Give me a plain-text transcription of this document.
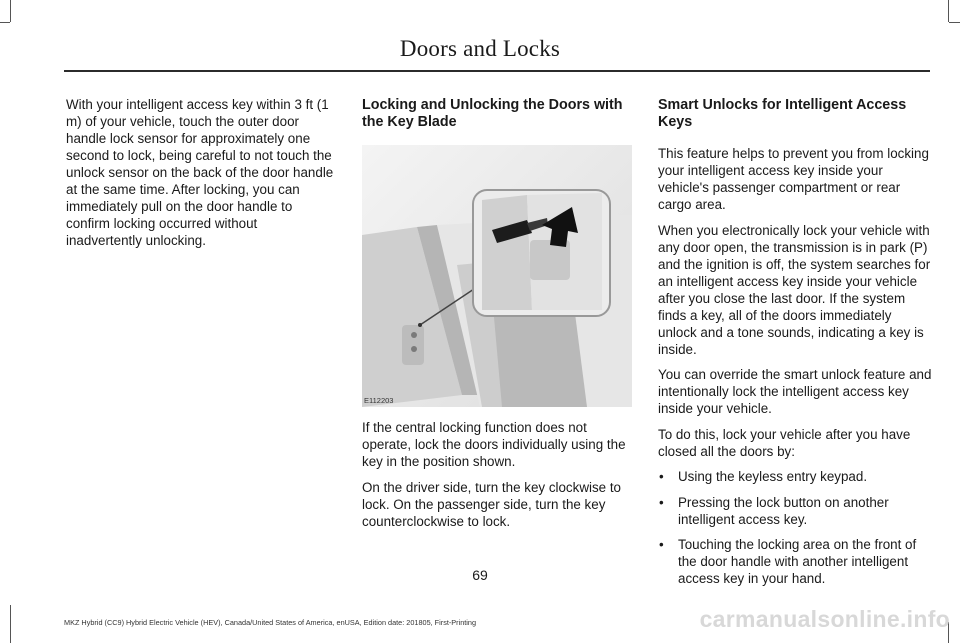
Doors and Locks

With your intelligent access key within 3 ft (1 m) of your vehicle, touch the outer door handle lock sensor for approximately one second to lock, being careful to not touch the unlock sensor on the back of the door handle at the same time. After locking, you can immediately pull on the door handle to confirm locking occurred without inadvertently unlocking.

Locking and Unlocking the Doors with the Key Blade
E112203

If the central locking function does not operate, lock the doors individually using the key in the position shown.

On the driver side, turn the key clockwise to lock. On the passenger side, turn the key counterclockwise to lock.

Smart Unlocks for Intelligent Access Keys

This feature helps to prevent you from locking your intelligent access key inside your vehicle's passenger compartment or rear cargo area.

When you electronically lock your vehicle with any door open, the transmission is in park (P) and the ignition is off, the system searches for an intelligent access key inside your vehicle after you close the last door. If the system finds a key, all of the doors immediately unlock and a tone sounds, indicating a key is inside.

You can override the smart unlock feature and intentionally lock the intelligent access key inside your vehicle.

To do this, lock your vehicle after you have closed all the doors by:

• Using the keyless entry keypad.
• Pressing the lock button on another intelligent access key.
• Touching the locking area on the front of the door handle with another intelligent access key in your hand.
69
MKZ Hybrid (CC9) Hybrid Electric Vehicle (HEV), Canada/United States of America, enUSA, Edition date: 201805, First-Printing	carmanualsonline.info
